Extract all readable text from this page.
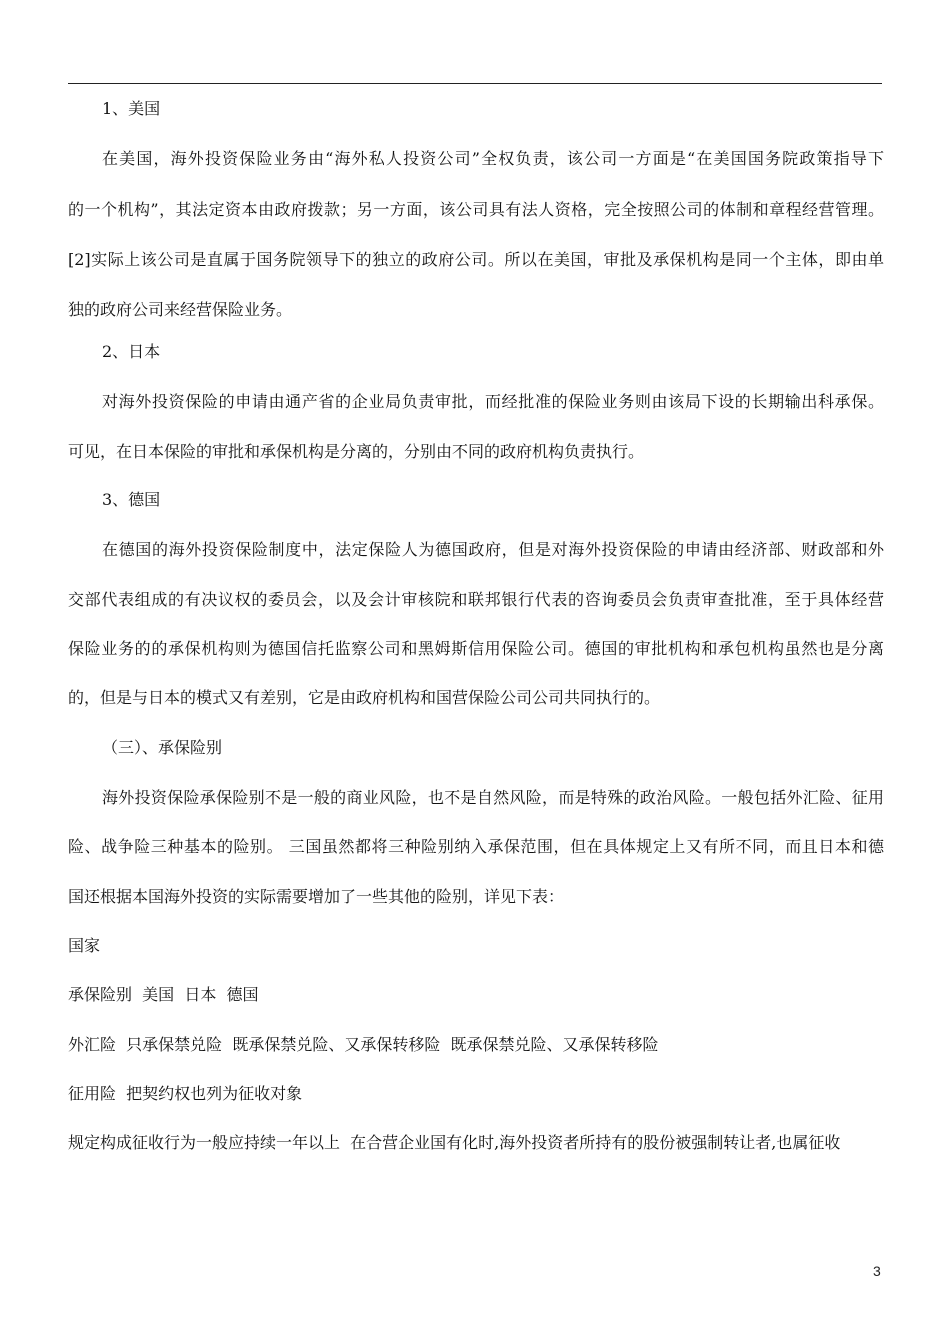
1、美国
在美国，海外投资保险业务由“海外私人投资公司”全权负责，该公司一方面是“在美国国务院政策指导下
的一个机构”，其法定资本由政府拨款；另一方面，该公司具有法人资格，完全按照公司的体制和章程经营管理。
[2]实际上该公司是直属于国务院领导下的独立的政府公司。所以在美国，审批及承保机构是同一个主体，即由单
独的政府公司来经营保险业务。
2、日本
对海外投资保险的申请由通产省的企业局负责审批，而经批准的保险业务则由该局下设的长期输出科承保。
可见，在日本保险的审批和承保机构是分离的，分别由不同的政府机构负责执行。
3、德国
在德国的海外投资保险制度中，法定保险人为德国政府，但是对海外投资保险的申请由经济部、财政部和外
交部代表组成的有决议权的委员会，以及会计审核院和联邦银行代表的咨询委员会负责审查批准，至于具体经营
保险业务的的承保机构则为德国信托监察公司和黑姆斯信用保险公司。德国的审批机构和承包机构虽然也是分离
的，但是与日本的模式又有差别，它是由政府机构和国营保险公司公司共同执行的。
（三）、承保险别
海外投资保险承保险别不是一般的商业风险，也不是自然风险，而是特殊的政治风险。一般包括外汇险、征用
险、战争险三种基本的险别。 三国虽然都将三种险别纳入承保范围，但在具体规定上又有所不同，而且日本和德
国还根据本国海外投资的实际需要增加了一些其他的险别，详见下表：
国家
承保险别  美国  日本  德国
外汇险  只承保禁兑险  既承保禁兑险、又承保转移险  既承保禁兑险、又承保转移险
征用险  把契约权也列为征收对象
规定构成征收行为一般应持续一年以上  在合营企业国有化时,海外投资者所持有的股份被强制转让者,也属征收
3
